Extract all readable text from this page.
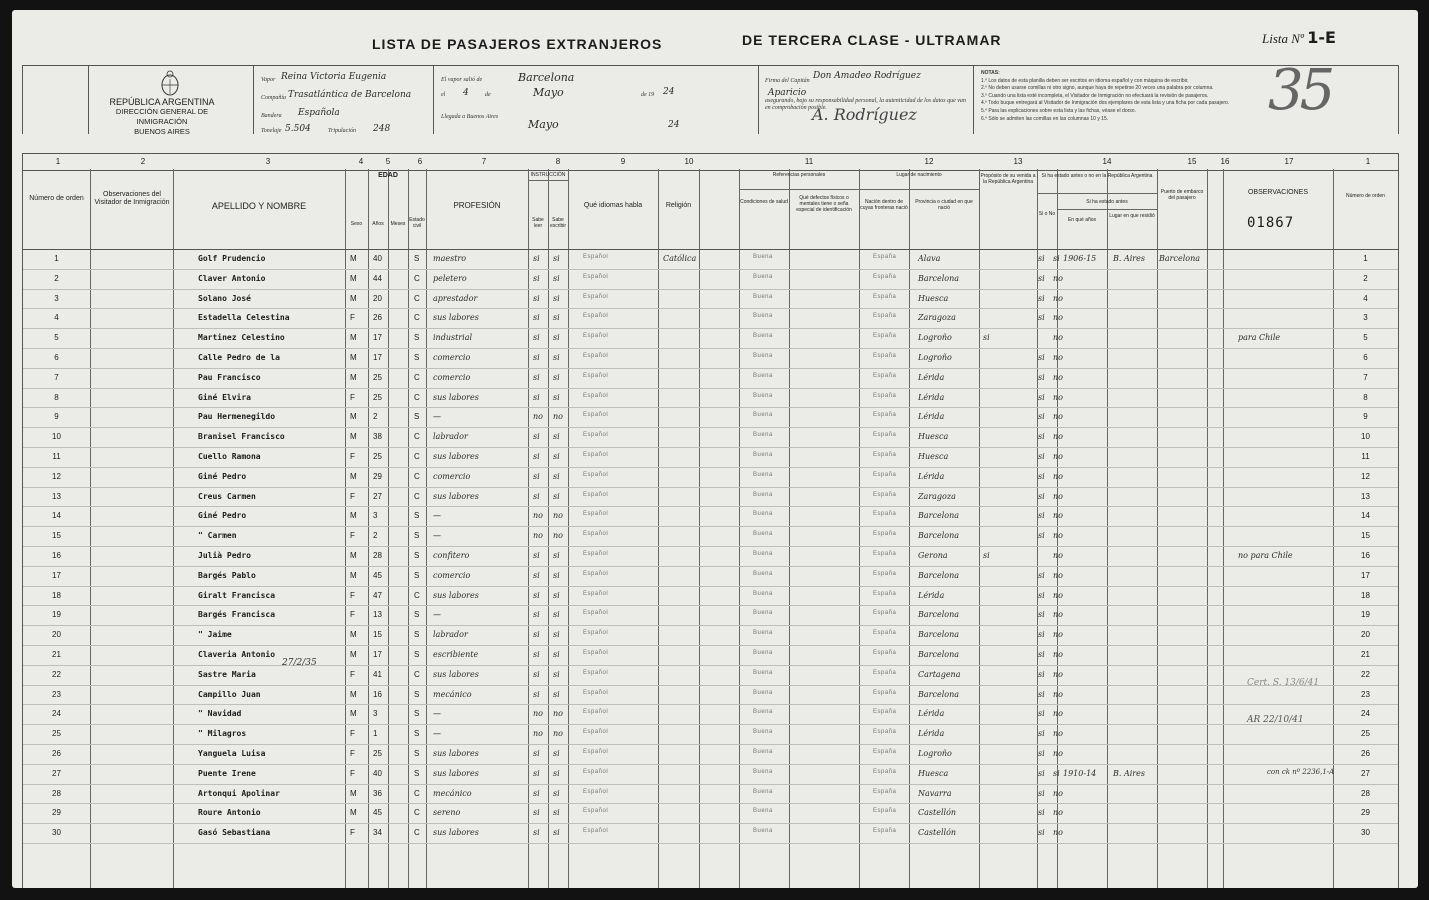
LISTA DE PASAJEROS EXTRANJEROS	DE TERCERA CLASE - ULTRAMAR	Lista Nº 1-E
Vapor Reina Victoria Eugenia
Compañía Trasatlántica de Barcelona
Bandera Española
Tonelaje 5.504	Tripulación 248
El vapor salió de	Barcelona
el 4	de	Mayo	de 19 24
Llegada a Buenos Aires
Mayo	24
Firma del Capitán Don Amadeo Rodríguez
Aparicio
asegurando, bajo su responsabilidad personal, la autenticidad de los datos que van en comprobación posible.
NOTAS:
1.º Los datos de esta planilla deben ser escritos en idioma español y con máquina de escribir.
2.º No deben usarse comillas ni otro signo, aunque haya de repetirse 20 veces una palabra por columna.
3.º Cuando una lista esté incompleta, el Visitador de Inmigración no efectuará la revisión de pasajeros.
4.º Todo buque entregará al Visitador de Inmigración dos ejemplares de esta lista y una ficha por cada pasajero.
5.º Para las explicaciones sobre esta lista y las fichas, véase el dorso.
6.º Sólo se admiten las comillas en las columnas 10 y 15.
REPÚBLICA ARGENTINA
DIRECCIÓN GENERAL DE INMIGRACIÓN
BUENOS AIRES
A. Rodríguez	35
1	2	3	4	5	6	7	8	9	10	11	12	13	14	15	16	17	1
Número de orden
Observaciones del Visitador de Inmigración	APELLIDO Y NOMBRE
Sexo
EDAD
Años	Meses
Estado civil
PROFESIÓN
INSTRUCCIÓN
Sabe leer
Sabe escribir
Qué idiomas habla	Religión
Referencias personales
Condiciones de salud
Qué defectos físicos o mentales tiene o seña especial de identificación
Lugar de nacimiento
Nación dentro de cuyas fronteras nació
Provincia o ciudad en que nació
Propósito de su venida a la República Argentina
Si ha estado antes o no en la República Argentina
Si o No
Si ha estado antes
En qué años
Lugar en que residió
Puerto de embarco del pasajero
OBSERVACIONES	Número de orden
1	Golf Prudencio	M 40	S maestro	si si	Español	Católica	Buena	España	Alava	si si 1906-15 B. Aires Barcelona	1
2	Claver Antonio	M 44	C peletero	si si	Español	Buena	España	Barcelona	si no	2
3	Solano José	M 20	C aprestador	si si	Español	Buena	España	Huesca	si no	4
4	Estadella Celestina	F 26	C sus labores	si si	Español	Buena	España	Zaragoza	si no	3
5	Martinez Celestino	M 17	S industrial	si si	Español	Buena	España	Logroño	si	no	para Chile	5
6	Calle Pedro de la	M 17	S comercio	si si	Español	Buena	España	Logroño	si no	6
7	Pau Francisco	M 25	C comercio	si si	Español	Buena	España	Lérida	si no	7
8	Giné Elvira	F 25	C sus labores	si si	Español	Buena	España	Lérida	si no	8
9	Pau Hermenegildo	M 2	S —	no no	Español	Buena	España	Lérida	si no	9
10	Branisel Francisco	M 38	C labrador	si si	Español	Buena	España	Huesca	si no	10
11	Cuello Ramona	F 25	C sus labores	si si	Español	Buena	España	Huesca	si no	11
12	Giné Pedro	M 29	C comercio	si si	Español	Buena	España	Lérida	si no	12
13	Creus Carmen	F 27	C sus labores	si si	Español	Buena	España	Zaragoza	si no	13
14	Giné Pedro	M 3	S —	no no	Español	Buena	España	Barcelona	si no	14
15	" Carmen	F 2	S —	no no	Español	Buena	España	Barcelona	si no	15
16	Julià Pedro	M 28	S confitero	si si	Español	Buena	España	Gerona	si	no	no para Chile	16
17	Bargés Pablo	M 45	S comercio	si si	Español	Buena	España	Barcelona	si no	17
18	Giralt Francisca	F 47	C sus labores	si si	Español	Buena	España	Lérida	si no	18
19	Bargés Francisca	F 13	S —	si si	Español	Buena	España	Barcelona	si no	19
20	" Jaime	M 15	S labrador	si si	Español	Buena	España	Barcelona	si no	20
21	Claveria Antonio	M 17	S escribiente	si si	Español	Buena	España	Barcelona	si no	21
22	Sastre Maria	F 41	C sus labores	si si	Español	Buena	España	Cartagena	si no	22
23	Campillo Juan	M 16	S mecánico	si si	Español	Buena	España	Barcelona	si no	23
24	" Navidad	M 3	S —	no no	Español	Buena	España	Lérida	si no	24
25	" Milagros	F 1	S —	no no	Español	Buena	España	Lérida	si no	25
26	Yanguela Luisa	F 25	S sus labores	si si	Español	Buena	España	Logroño	si no	26
27	Puente Irene	F 40	S sus labores	si si	Español	Buena	España	Huesca	si si 1910-14 B. Aires	27
28	Artonqui Apolinar	M 36	C mecánico	si si	Español	Buena	España	Navarra	si no	28
29	Roure Antonio	M 45	C sereno	si si	Español	Buena	España	Castellón	si no	29
30	Gasó Sebastiana	F 34	C sus labores	si si	Español	Buena	España	Castellón	si no	30
01867
27/2/35
Cert. S. 13/6/41
AR 22/10/41
con ck nº 2236,1-A
